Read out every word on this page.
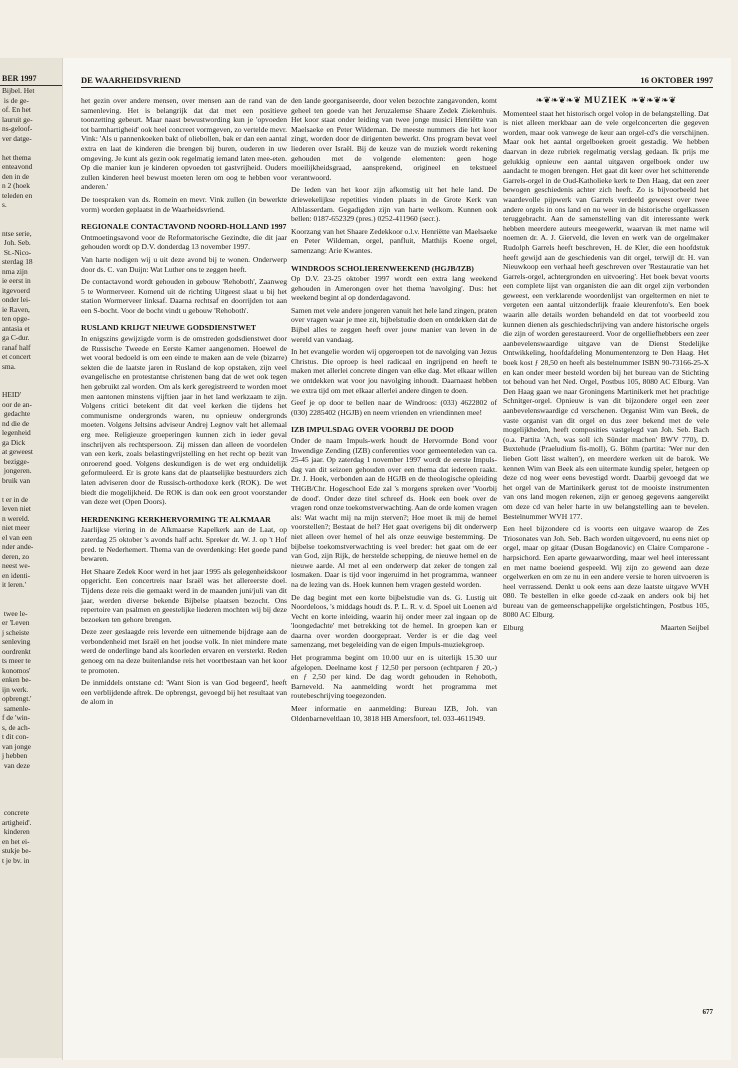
BER 1997
Bijbel. Het
is de ge-
of. En het
lauruit ge-
ns-geloof-
ver datge-

het thema
enteavond
den in de
n 2 (hoek
teleden en
s.

ntse serie,
Joh. Seb.
St.-Nico-
sterdag 18
nma zijn
ie eerst in
itgevoerd
onder lei-
ie Raven,
ten opge-
antasia et
ga C-dur.
ranaf half
et concert
sma.

HEID'
oor de an-
gedachte
nd die de
legenheid
ga Dick
at geweest
bezigge-
jongeren.
bruik van

t er in de
leven niet
n wereld.
niet meer
el van een
nder ande-
deren, zo
neest we-
en identi-
it leren.'

twee le-
er 'Leven
j scheiste
senleving
oordrenkt
ts meer te
konomos'
enken be-
ijn werk.
opbrengt.'
samenle-
f de 'win-
s, de ach-
t dit con-
van jonge
j hebben
van deze

concrete
artigheid'.
kinderen
en het ei-
stukje be-
t je bv. in
DE WAARHEIDSVRIEND	16 OKTOBER 1997

het gezin over andere mensen, over mensen aan de rand van de samenleving. Het is belangrijk dat dat met een positieve toonzetting gebeurt. Maar naast bewustwording kun je 'opvoeden tot barmhartigheid' ook heel concreet vormgeven, zo vertelde mevr. Vink: 'Als u pannenkoeken bakt of oliebollen, bak er dan een aantal extra en laat de kinderen die brengen bij buren, ouderen in uw omgeving. Je kunt als gezin ook regelmatig iemand laten mee-eten. Op die manier kun je kinderen opvoeden tot gastvrijheid. Ouders zullen kinderen heel bewust moeten leren om oog te hebben voor anderen.'

De toespraken van ds. Romein en mevr. Vink zullen (in bewerkte vorm) worden geplaatst in de Waarheidsvriend.

REGIONALE CONTACTAVOND NOORD-HOLLAND 1997

Ontmoetingsavond voor de Reformatorische Gezindte, die dit jaar gehouden wordt op D.V. donderdag 13 november 1997.

Van harte nodigen wij u uit deze avond bij te wonen. Onderwerp door ds. C. van Duijn: Wat Luther ons te zeggen heeft.

De contactavond wordt gehouden in gebouw 'Rehoboth', Zaanweg 5 te Wormerveer. Komend uit de richting Uitgeest slaat u bij het station Wormerveer linksaf. Daarna rechtsaf en doorrijden tot aan een S-bocht. Voor de bocht vindt u gebouw 'Rehoboth'.

RUSLAND KRIJGT NIEUWE GODSDIENSTWET

In enigszins gewijzigde vorm is de omstreden godsdienstwet door de Russische Tweede en Eerste Kamer aangenomen. Hoewel de wet vooral bedoeld is om een einde te maken aan de vele (bizarre) sekten die de laatste jaren in Rusland de kop opstaken, zijn veel evangelische en protestantse christenen bang dat de wet ook tegen hen gebruikt zal worden. Om als kerk geregistreerd te worden moet men aantonen minstens vijftien jaar in het land werkzaam te zijn. Volgens critici betekent dit dat veel kerken die tijdens het communisme ondergronds waren, nu opnieuw ondergronds moeten. Volgens Jeltsins adviseur Andrej Legnov valt het allemaal erg mee. Religieuze groeperingen kunnen zich in ieder geval inschrijven als rechtspersoon. Zij missen dan alleen de voordelen van een kerk, zoals belastingvrijstelling en het recht op bezit van onroerend goed. Volgens deskundigen is de wet erg onduidelijk geformuleerd. Er is grote kans dat de plaatselijke bestuurders zich laten adviseren door de Russisch-orthodoxe kerk (ROK). De wet biedt die mogelijkheid. De ROK is dan ook een groot voorstander van deze wet (Open Doors).

HERDENKING KERKHERVORMING TE ALKMAAR

Jaarlijkse viering in de Alkmaarse Kapelkerk aan de Laat, op zaterdag 25 oktober 's avonds half acht. Spreker dr. W. J. op 't Hof pred. te Nederhemert. Thema van de overdenking: Het goede pand bewaren.

Het Shaare Zedek Koor werd in het jaar 1995 als gelegenheidskoor opgericht. Een concertreis naar Israël was het allereerste doel. Tijdens deze reis die gemaakt werd in de maanden juni/juli van dit jaar, werden diverse bekende Bijbelse plaatsen bezocht. Ons repertoire van psalmen en geestelijke liederen mochten wij bij deze bezoeken ten gehore brengen.

Deze zeer geslaagde reis leverde een uitnemende bijdrage aan de verbondenheid met Israël en het joodse volk. In niet mindere mate werd de onderlinge band als koorleden ervaren en versterkt. Reden genoeg om na deze buitenlandse reis het voortbestaan van het koor te promoten.

De inmiddels ontstane cd: 'Want Sion is van God begeerd', heeft een verblijdende aftrek. De opbrengst, gevoegd bij het resultaat van de alom in

den lande georganiseerde, door velen bezochte zangavonden, komt geheel ten goede van het Jeruzalemse Shaare Zedek Ziekenhuis. Het koor staat onder leiding van twee jonge musici Henriëtte van Maelsaeke en Peter Wildeman. De meeste nummers die het koor zingt, worden door de dirigenten bewerkt. Ons program bevat veel liederen over Israël. Bij de keuze van de muziek wordt rekening gehouden met de volgende elementen: geen hoge moeilijkheidsgraad, aansprekend, origineel en tekstueel verantwoord.

De leden van het koor zijn afkomstig uit het hele land. De driewekelijkse repetities vinden plaats in de Grote Kerk van Alblasserdam. Gegadigden zijn van harte welkom. Kunnen ook bellen: 0187-652329 (pres.) 0252-411960 (secr.).

Koorzang van het Shaare Zedekkoor o.l.v. Henriëtte van Maelsaeke en Peter Wildeman, orgel, panfluit, Matthijs Koene orgel, samenzang: Arie Kwantes.

WINDROOS SCHOLIERENWEEKEND (HGJB/IZB)

Op D.V. 23-25 oktober 1997 wordt een extra lang weekend gehouden in Amerongen over het thema 'navolging'. Dus: het weekend begint al op donderdagavond.

Samen met vele andere jongeren vanuit het hele land zingen, praten over vragen waar je mee zit, bijbelstudie doen en ontdekken dat de Bijbel alles te zeggen heeft over jouw manier van leven in de wereld van vandaag.

In het evangelie worden wij opgeroepen tot de navolging van Jezus Christus. Die oproep is heel radicaal en ingrijpend en heeft te maken met allerlei concrete dingen van elke dag. Met elkaar willen we ontdekken wat voor jou navolging inhoudt. Daarnaast hebben we extra tijd om met elkaar allerlei andere dingen te doen.

Geef je op door te bellen naar de Windroos: (033) 4622802 of (030) 2285402 (HGJB) en neem vrienden en vriendinnen mee!

IZB IMPULSDAG OVER VOORBIJ DE DOOD

Onder de naam Impuls-werk houdt de Hervormde Bond voor Inwendige Zending (IZB) conferenties voor gemeenteleden van ca. 25-45 jaar. Op zaterdag 1 november 1997 wordt de eerste Impuls-dag van dit seizoen gehouden over een thema dat iedereen raakt. Dr. J. Hoek, verbonden aan de HGJB en de theologische opleiding THGB/Chr. Hogeschool Ede zal 's morgens spreken over 'Voorbij de dood'. Onder deze titel schreef ds. Hoek een boek over de vragen rond onze toekomstverwachting. Aan de orde komen vragen als: Wat wacht mij na mijn sterven?; Hoe moet ik mij de hemel voorstellen?; Bestaat de hel? Het gaat overigens bij dit onderwerp niet alleen over hemel of hel als onze eeuwige bestemming. De bijbelse toekomstverwachting is veel breder: het gaat om de eer van God, zijn Rijk, de herstelde schepping, de nieuwe hemel en de nieuwe aarde. Al met al een onderwerp dat zeker de tongen zal losmaken. Daar is tijd voor ingeruimd in het programma, wanneer na de lezing van ds. Hoek kunnen hem vragen gesteld worden.

De dag begint met een korte bijbelstudie van ds. G. Lustig uit Noordeloos, 's middags houdt ds. P. L. R. v. d. Spoel uit Loenen a/d Vecht en korte inleiding, waarin hij onder meer zal ingaan op de 'loongedachte' met betrekking tot de hemel. In groepen kan er daarna over worden doorgepraat. Verder is er die dag veel samenzang, met begeleiding van de eigen Impuls-muziekgroep.

Het programma begint om 10.00 uur en is uiterlijk 15.30 uur afgelopen. Deelname kost ƒ 12,50 per persoon (echtparen ƒ 20,-) en ƒ 2,50 per kind. De dag wordt gehouden in Rehoboth, Barneveld. Na aanmelding wordt het programma met routebeschrijving toegezonden.

Meer informatie en aanmelding: Bureau IZB, Joh. van Oldenbarneveltlaan 10, 3818 HB Amersfoort, tel. 033-4611949.

❧❦❧❦❧❦ MUZIEK ❧❦❧❦❧❦

Momenteel staat het historisch orgel volop in de belangstelling. Dat is niet alleen merkbaar aan de vele orgelconcerten die gegeven worden, maar ook vanwege de keur aan orgel-cd's die verschijnen. Maar ook het aantal orgelboeken groeit gestadig. We hebben daarvan in deze rubriek regelmatig verslag gedaan. Ik prijs me gelukkig opnieuw een aantal uitgaven orgelboek onder uw aandacht te mogen brengen. Het gaat dit keer over het schitterende Garrels-orgel in de Oud-Katholieke kerk te Den Haag, dat een zeer bewogen geschiedenis achter zich heeft. Zo is bijvoorbeeld het waardevolle pijpwerk van Garrels verdeeld geweest over twee andere orgels in ons land en nu weer in de historische orgelkassen teruggebracht. Aan de samenstelling van dit interessante werk hebben meerdere auteurs meegewerkt, waarvan ik met name wil noemen dr. A. J. Gierveld, die leven en werk van de orgelmaker Rudolph Garrels heeft beschreven, H. de Kler, die een hoofdstuk heeft gewijd aan de geschiedenis van dit orgel, terwijl dr. H. van Nieuwkoop een verhaal heeft geschreven over 'Restauratie van het Garrels-orgel, achtergronden en uitvoering'. Het boek bevat voorts een complete lijst van organisten die aan dit orgel zijn verbonden geweest, een verklarende woordenlijst van orgeltermen en niet te vergeten een aantal uitzonderlijk fraaie kleurenfoto's. Een boek waarin alle details worden behandeld en dat tot voorbeeld zou kunnen dienen als geschiedschrijving van andere historische orgels die zijn of worden gerestaureerd. Voor de orgelliefhebbers een zeer aanbevelenswaardige uitgave van de Dienst Stedelijke Ontwikkeling, hoofdafdeling Monumentenzorg te Den Haag. Het boek kost ƒ 28,50 en heeft als bestelnummer ISBN 90-73166-25-X en kan onder meer besteld worden bij het bureau van de Stichting tot behoud van het Ned. Orgel, Postbus 105, 8080 AC Elburg. Van Den Haag gaan we naar Groningens Martinikerk met het prachtige Schnitger-orgel. Opnieuw is van dit bijzondere orgel een zeer aanbevelenswaardige cd verschenen. Organist Wim van Beek, de vaste organist van dit orgel en dus zeer bekend met de vele mogelijkheden, heeft composities vastgelegd van Joh. Seb. Bach (o.a. Partita 'Ach, was soll ich Sünder machen' BWV 770), D. Buxtehude (Praeludium fis-moll), G. Böhm (partita: 'Wer nur den lieben Gott lässt walten'), en meerdere werken uit de barok. We kennen Wim van Beek als een uitermate kundig speler, hetgeen op deze cd nog weer eens bevestigd wordt. Daarbij gevoegd dat we het orgel van de Martinikerk gerust tot de mooiste instrumenten van ons land mogen rekenen, zijn er genoeg gegevens aangereikt om deze cd van heler harte in uw belangstelling aan te bevelen. Bestelnummer WVH 177.

Een heel bijzondere cd is voorts een uitgave waarop de Zes Triosonates van Joh. Seb. Bach worden uitgevoerd, nu eens niet op orgel, maar op gitaar (Dusan Bogdanovic) en Claire Comparone - harpsichord. Een aparte gewaarwording, maar wel heel interessant en met name boeiend gespeeld. Wij zijn zo gewend aan deze orgelwerken en om ze nu in een andere versie te horen uitvoeren is heel verrassend. Denkt u ook eens aan deze laatste uitgave WVH 080. Te bestellen in elke goede cd-zaak en anders ook bij het bureau van de gemeenschappelijke orgelstichtingen, Postbus 105, 8080 AC Elburg.

Elburg	Maarten Seijbel
677
